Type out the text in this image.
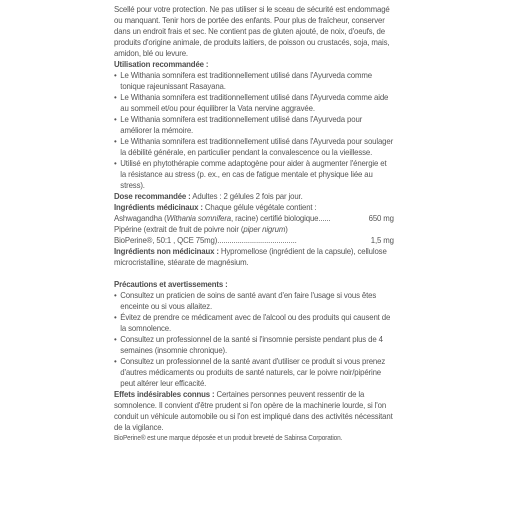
Scellé pour votre protection. Ne pas utiliser si le sceau de sécurité est endommagé ou manquant. Tenir hors de portée des enfants. Pour plus de fraîcheur, conserver dans un endroit frais et sec. Ne contient pas de gluten ajouté, de noix, d'oeufs, de produits d'origine animale, de produits laitiers, de poisson ou crustacés, soja, mais, amidon, blé ou levure.

Utilisation recommandée :

• Le Withania somnifera est traditionnellement utilisé dans l'Ayurveda comme tonique rajeunissant Rasayana.
• Le Withania somnifera est traditionnellement utilisé dans l'Ayurveda comme aide au sommeil et/ou pour équilibrer la Vata nervine aggravée.
• Le Withania somnifera est traditionnellement utilisé dans l'Ayurveda pour améliorer la mémoire.
• Le Withania somnifera est traditionnellement utilisé dans l'Ayurveda pour soulager la débilité générale, en particulier pendant la convalescence ou la vieillesse.
• Utilisé en phytothérapie comme adaptogène pour aider à augmenter l'énergie et la résistance au stress (p. ex., en cas de fatigue mentale et physique liée au stress).

Dose recommandée : Adultes : 2 gélules 2 fois par jour.

Ingrédients médicinaux : Chaque gélule végétale contient :

Ashwagandha (Withania somnifera, racine) certifié biologique......	650 mg

Pipérine (extrait de fruit de poivre noir (piper nigrum)

BioPerine®, 50:1 , QCE 75mg).......................................	1,5 mg

Ingrédients non médicinaux : Hypromellose (ingrédient de la capsule), cellulose microcristalline, stéarate de magnésium.

Précautions et avertissements :

• Consultez un praticien de soins de santé avant d'en faire l'usage si vous êtes enceinte ou si vous allaitez.
• Évitez de prendre ce médicament avec de l'alcool ou des produits qui causent de la somnolence.
• Consultez un professionnel de la santé si l'insomnie persiste pendant plus de 4 semaines (insomnie chronique).
• Consultez un professionnel de la santé avant d'utiliser ce produit si vous prenez d'autres médicaments ou produits de santé naturels, car le poivre noir/pipérine peut altérer leur efficacité.

Effets indésirables connus : Certaines personnes peuvent ressentir de la somnolence. Il convient d'être prudent si l'on opère de la machinerie lourde, si l'on conduit un véhicule automobile ou si l'on est impliqué dans des activités nécessitant de la vigilance.

BioPerine® est une marque déposée et un produit breveté de Sabinsa Corporation.
